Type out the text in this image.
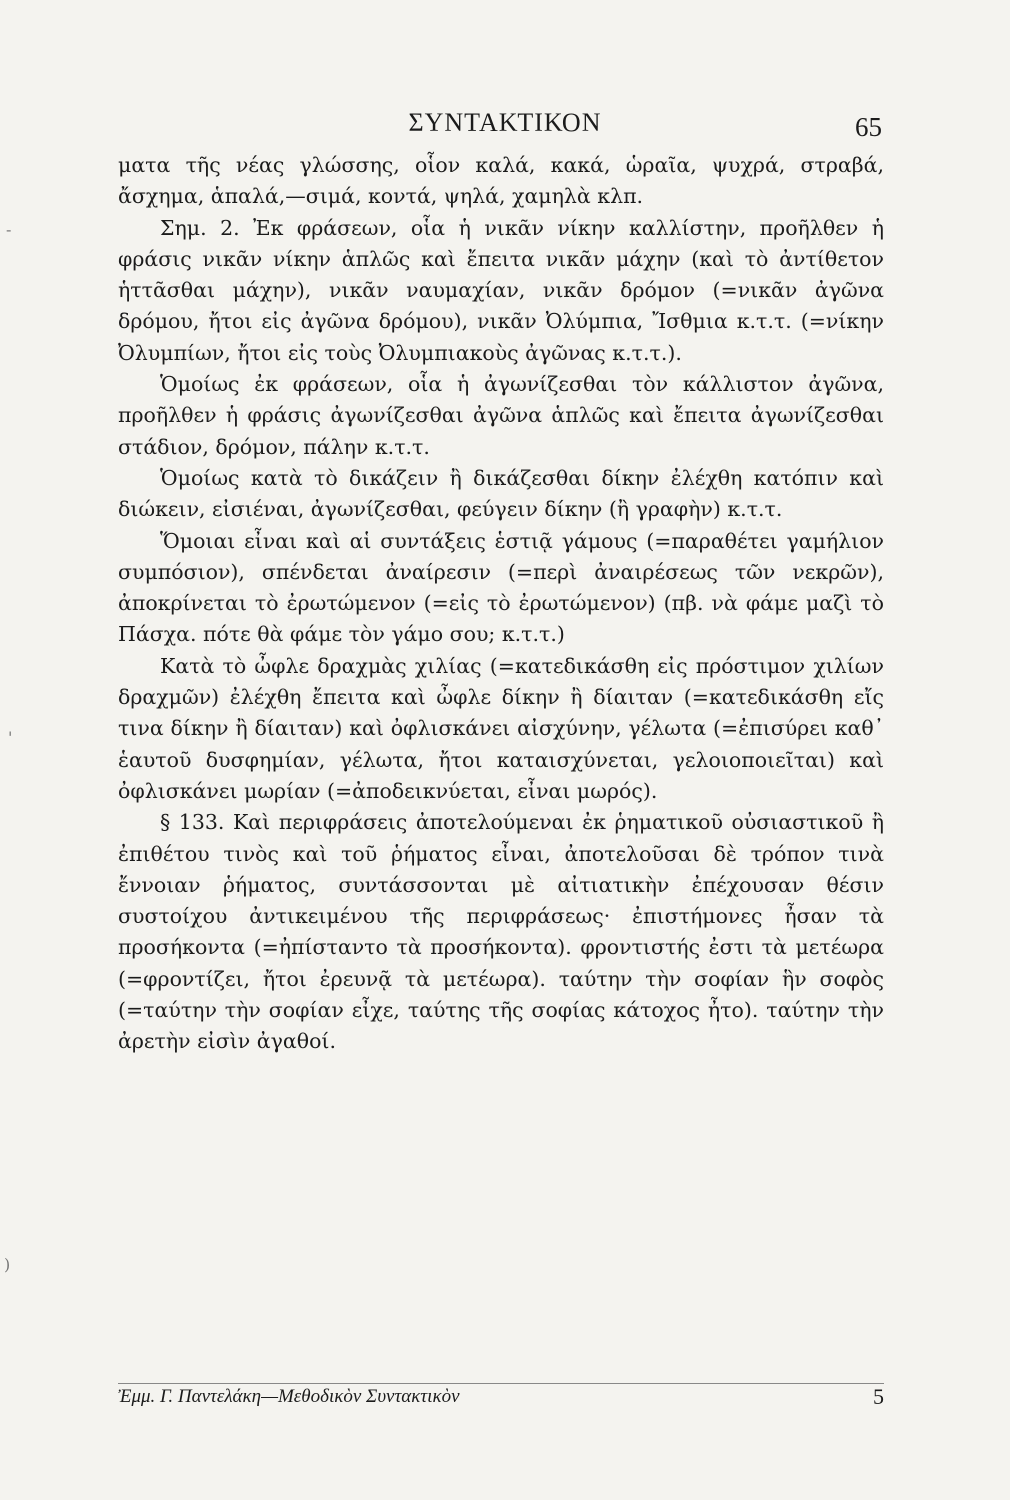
-
'
)
ΣΥΝΤΑΚΤΙΚΟΝ	65

ματα τῆς νέας γλώσσης, οἷον καλά, κακά, ὡραῖα, ψυχρά, στραβά, ἄσχημα, ἁπαλά,—σιμά, κοντά, ψηλά, χαμηλὰ κλπ.

Σημ. 2. Ἐκ φράσεων, οἷα ἡ νικᾶν νίκην καλλίστην, προῆλθεν ἡ φράσις νικᾶν νίκην ἁπλῶς καὶ ἔπειτα νικᾶν μάχην (καὶ τὸ ἀντίθετον ἡττᾶσθαι μάχην), νικᾶν ναυμαχίαν, νικᾶν δρόμον (=νικᾶν ἀγῶνα δρόμου, ἤτοι εἰς ἀγῶνα δρόμου), νικᾶν Ὀλύμπια, Ἴσθμια κ.τ.τ. (=νίκην Ὀλυμπίων, ἤτοι εἰς τοὺς Ὀλυμπιακοὺς ἀγῶνας κ.τ.τ.).

Ὁμοίως ἐκ φράσεων, οἷα ἡ ἀγωνίζεσθαι τὸν κάλλιστον ἀγῶνα, προῆλθεν ἡ φράσις ἀγωνίζεσθαι ἀγῶνα ἁπλῶς καὶ ἔπειτα ἀγωνίζεσθαι στάδιον, δρόμον, πάλην κ.τ.τ.

Ὁμοίως κατὰ τὸ δικάζειν ἢ δικάζεσθαι δίκην ἐλέχθη κατόπιν καὶ διώκειν, εἰσιέναι, ἀγωνίζεσθαι, φεύγειν δίκην (ἢ γραφὴν) κ.τ.τ.

Ὅμοιαι εἶναι καὶ αἱ συντάξεις ἑστιᾷ γάμους (=παραθέτει γαμήλιον συμπόσιον), σπένδεται ἀναίρεσιν (=περὶ ἀναιρέσεως τῶν νεκρῶν), ἀποκρίνεται τὸ ἐρωτώμενον (=εἰς τὸ ἐρωτώμενον) (πβ. νὰ φάμε μαζὶ τὸ Πάσχα. πότε θὰ φάμε τὸν γάμο σου; κ.τ.τ.)

Κατὰ τὸ ὦφλε δραχμὰς χιλίας (=κατεδικάσθη εἰς πρόστιμον χιλίων δραχμῶν) ἐλέχθη ἔπειτα καὶ ὦφλε δίκην ἢ δίαιταν (=κατεδικάσθη εἴς τινα δίκην ἢ δίαιταν) καὶ ὀφλισκάνει αἰσχύνην, γέλωτα (=ἐπισύρει καθ᾿ ἑαυτοῦ δυσφημίαν, γέλωτα, ἤτοι καταισχύνεται, γελοιοποιεῖται) καὶ ὀφλισκάνει μωρίαν (=ἀποδεικνύεται, εἶναι μωρός).

§ 133. Καὶ περιφράσεις ἀποτελούμεναι ἐκ ῥηματικοῦ οὐσιαστικοῦ ἢ ἐπιθέτου τινὸς καὶ τοῦ ῥήματος εἶναι, ἀποτελοῦσαι δὲ τρόπον τινὰ ἔννοιαν ῥήματος, συντάσσονται μὲ αἰτιατικὴν ἐπέχουσαν θέσιν συστοίχου ἀντικειμένου τῆς περιφράσεως· ἐπιστήμονες ἦσαν τὰ προσήκοντα (=ἠπίσταντο τὰ προσήκοντα). φροντιστής ἐστι τὰ μετέωρα (=φροντίζει, ἤτοι ἐρευνᾷ τὰ μετέωρα). ταύτην τὴν σοφίαν ἣν σοφὸς (=ταύτην τὴν σοφίαν εἶχε, ταύτης τῆς σοφίας κάτοχος ἦτο). ταύτην τὴν ἀρετὴν εἰσὶν ἀγαθοί.

Ἐμμ. Γ. Παντελάκη—Μεθοδικὸν Συντακτικὸν	5
